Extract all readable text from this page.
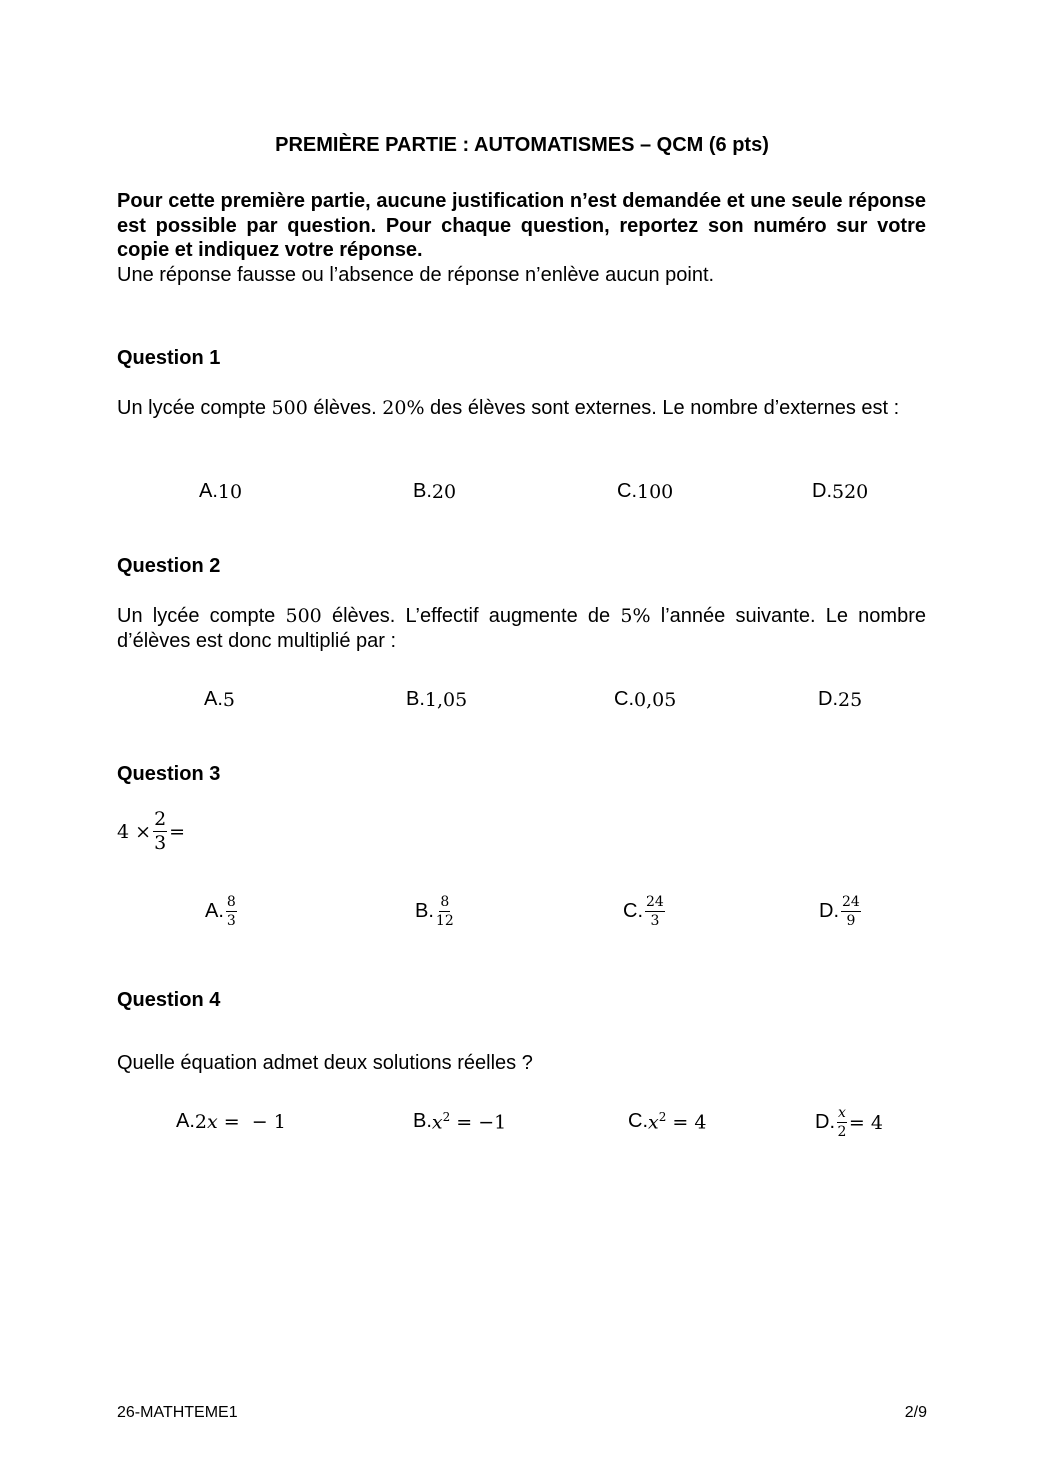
PREMIÈRE PARTIE : AUTOMATISMES – QCM (6 pts)
Pour cette première partie, aucune justification n’est demandée et une seule réponse est possible par question. Pour chaque question, reportez son numéro sur votre copie et indiquez votre réponse.
Une réponse fausse ou l’absence de réponse n’enlève aucun point.
Question 1
Un lycée compte 500 élèves. 20% des élèves sont externes. Le nombre d’externes est :
A. 10	B. 20	C. 100	D. 520
Question 2
Un lycée compte 500 élèves. L’effectif augmente de 5% l’année suivante. Le nombre d’élèves est donc multiplié par :
A. 5	B. 1,05	C. 0,05	D. 25
Question 3
$4 \times \frac{2}{3}$ =
A. $\frac{8}{3}$	B. $\frac{8}{12}$	C. $\frac{24}{3}$	D. $\frac{24}{9}$
Question 4
Quelle équation admet deux solutions réelles ?
A. 2𝑥 =  − 1	B. 𝑥$^2$ = −1	C. 𝑥$^2$ = 4	D. $\frac{\text{𝑥}}{2} = 4$
26-MATHTEME1	2/9
